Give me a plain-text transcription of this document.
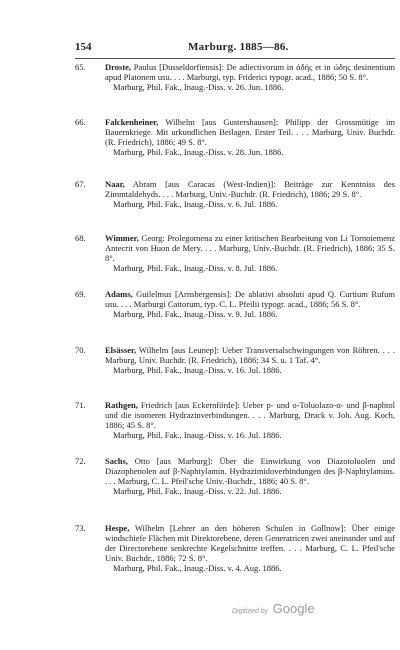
154	Marburg. 1885—86.
65. Droste, Paulus [Dusseldorfiensis]: De adiectivorum in ἀδής et in ώδης desinentium apud Platonem usu. . . . Marburgi, typ. Friderici typogr. acad., 1886; 50 S. 8°.
Marburg, Phil. Fak., Inaug.-Diss. v. 26. Jun. 1886.
66. Falckenheiner, Wilhelm [aus Gustershausen]: Philipp der Grossmütige im Bauernkriege. Mit urkundlichen Beilagen. Erster Teil. . . . Marburg, Univ. Buchdr. (R. Friedrich), 1886; 49 S. 8°.
Marburg, Phil. Fak., Inaug.-Diss. v. 28. Jun. 1886.
67. Naar, Abram [aus Caracas (West-Indien)]: Beiträge zur Kenntniss des Zimmtaldehyds. . . . Marburg, Univ.-Buchdr. (R. Friedrich), 1886; 29 S. 8°.
Marburg, Phil. Fak., Inaug.-Diss. v. 6. Jul. 1886.
68. Wimmer, Georg: Prolegomena zu einer kritischen Bearbeitung von Li Tornoiemenz Antecrit von Huon de Mery. . . . Marburg, Univ.-Buchdr. (R. Friedrich), 1886; 35 S. 8°.
Marburg, Phil. Fak., Inaug.-Diss. v. 8. Jul. 1886.
69. Adams, Guilelmus [Arnsbergensis]: De ablativi absoluti apud Q. Curtium Rufum usu. . . . Marburgi Cattorum, typ. C. L. Pfeilii typogr. acad., 1886; 56 S. 8°.
Marburg, Phil. Fak., Inaug.-Diss. v. 9. Jul. 1886.
70. Elsässer, Wilhelm [aus Leunep]: Ueber Transversalschwingungen von Röhren. . . . Marburg, Univ. Buchdr. (R. Friedrich), 1886; 34 S. u. 1 Taf. 4°.
Marburg, Phil. Fak., Inaug.-Diss. v. 16. Jul. 1886.
71. Rathgen, Friedrich [aus Eckernförde]: Ueber p- und o-Toluolazo-α- und β-naphtol und die isomeren Hydrazinverbindungen. . . . Marburg, Druck v. Joh. Aug. Koch, 1886; 45 S. 8°.
Marburg, Phil. Fak., Inaug.-Diss. v. 16. Jul. 1886.
72. Sachs, Otto [aus Marburg]: Über die Einwirkung von Diazotoluolen und Diazophenolen auf β-Naphtylamin. Hydrazimidoverbindungen des β-Naphtylamins. . . . Marburg, C. L. Pfeil'sche Univ.-Buchdr., 1886; 40 S. 8°.
Marburg, Phil. Fak., Inaug.-Diss. v. 22. Jul. 1886.
73. Hespe, Wilhelm [Lehrer an den höheren Schulen in Gollnow]: Über einige windschiefe Flächen mit Direktorebene, deren Generatricen zwei aneinander und auf der Directorebene senkrechte Kegelschnitte treffen. . . . Marburg, C. L. Pfeil'sche Univ. Buchdr., 1886; 72 S. 8°.
Marburg, Phil. Fak., Inaug.-Diss. v. 4. Aug. 1886.
Digitized by Google
